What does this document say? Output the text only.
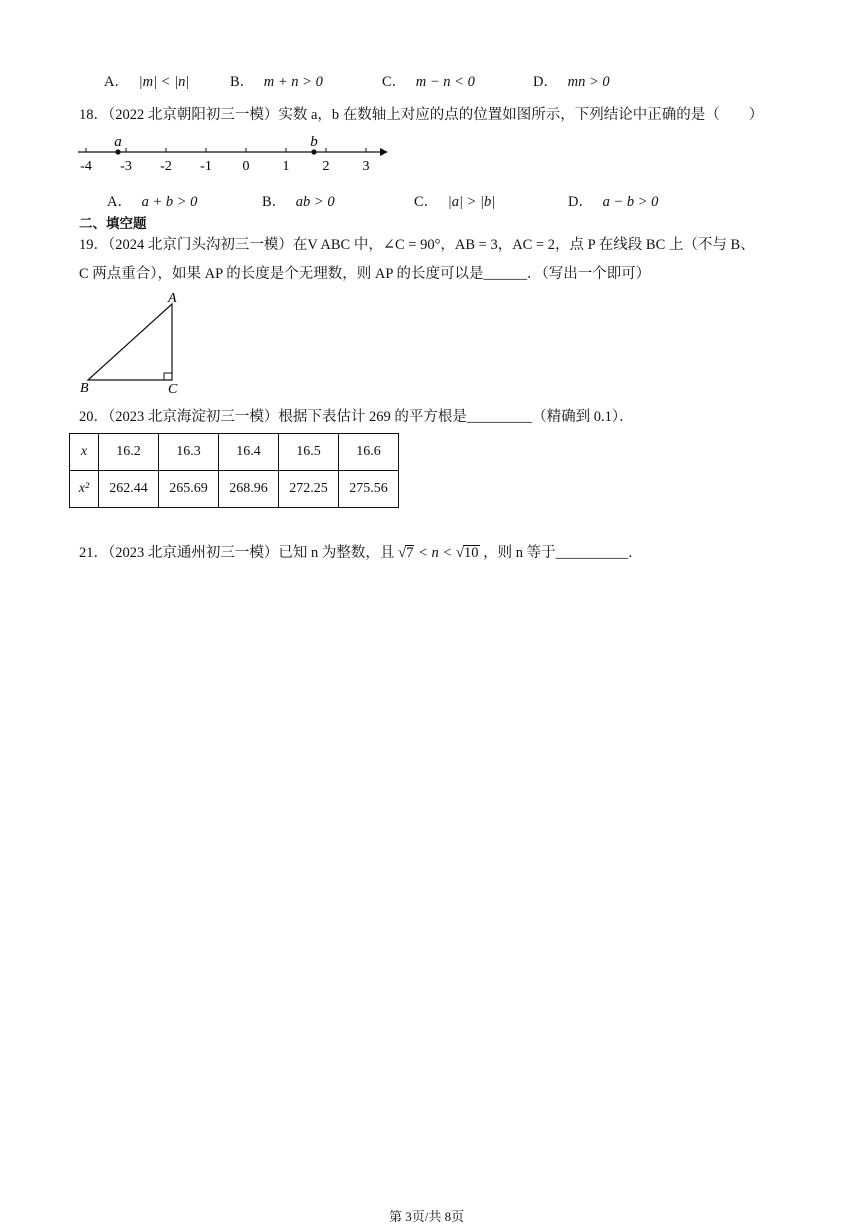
A． |m| < |n|	B． m + n > 0	C． m − n < 0	D． mn > 0
18．（2022 北京朝阳初三一模）实数 a，b 在数轴上对应的点的位置如图所示，下列结论中正确的是（　　）
-4 -3 -2 -1 0 1 2 3
a	b
A． a + b > 0	B． ab > 0	C． |a| > |b|	D． a − b > 0
二、填空题
19．（2024 北京门头沟初三一模）在V ABC 中，∠C = 90°，AB = 3，AC = 2，点 P 在线段 BC 上（不与 B、
C 两点重合），如果 AP 的长度是个无理数，则 AP 的长度可以是______．（写出一个即可）
A
B	C
20．（2023 北京海淀初三一模）根据下表估计 269 的平方根是_________（精确到 0.1）．
x	16.2	16.3	16.4	16.5	16.6
x²	262.44	265.69	268.96	272.25	275.56
21．（2023 北京通州初三一模）已知 n 为整数，且 √7 < n < √10 ，则 n 等于__________．
第 3页/共 8页
